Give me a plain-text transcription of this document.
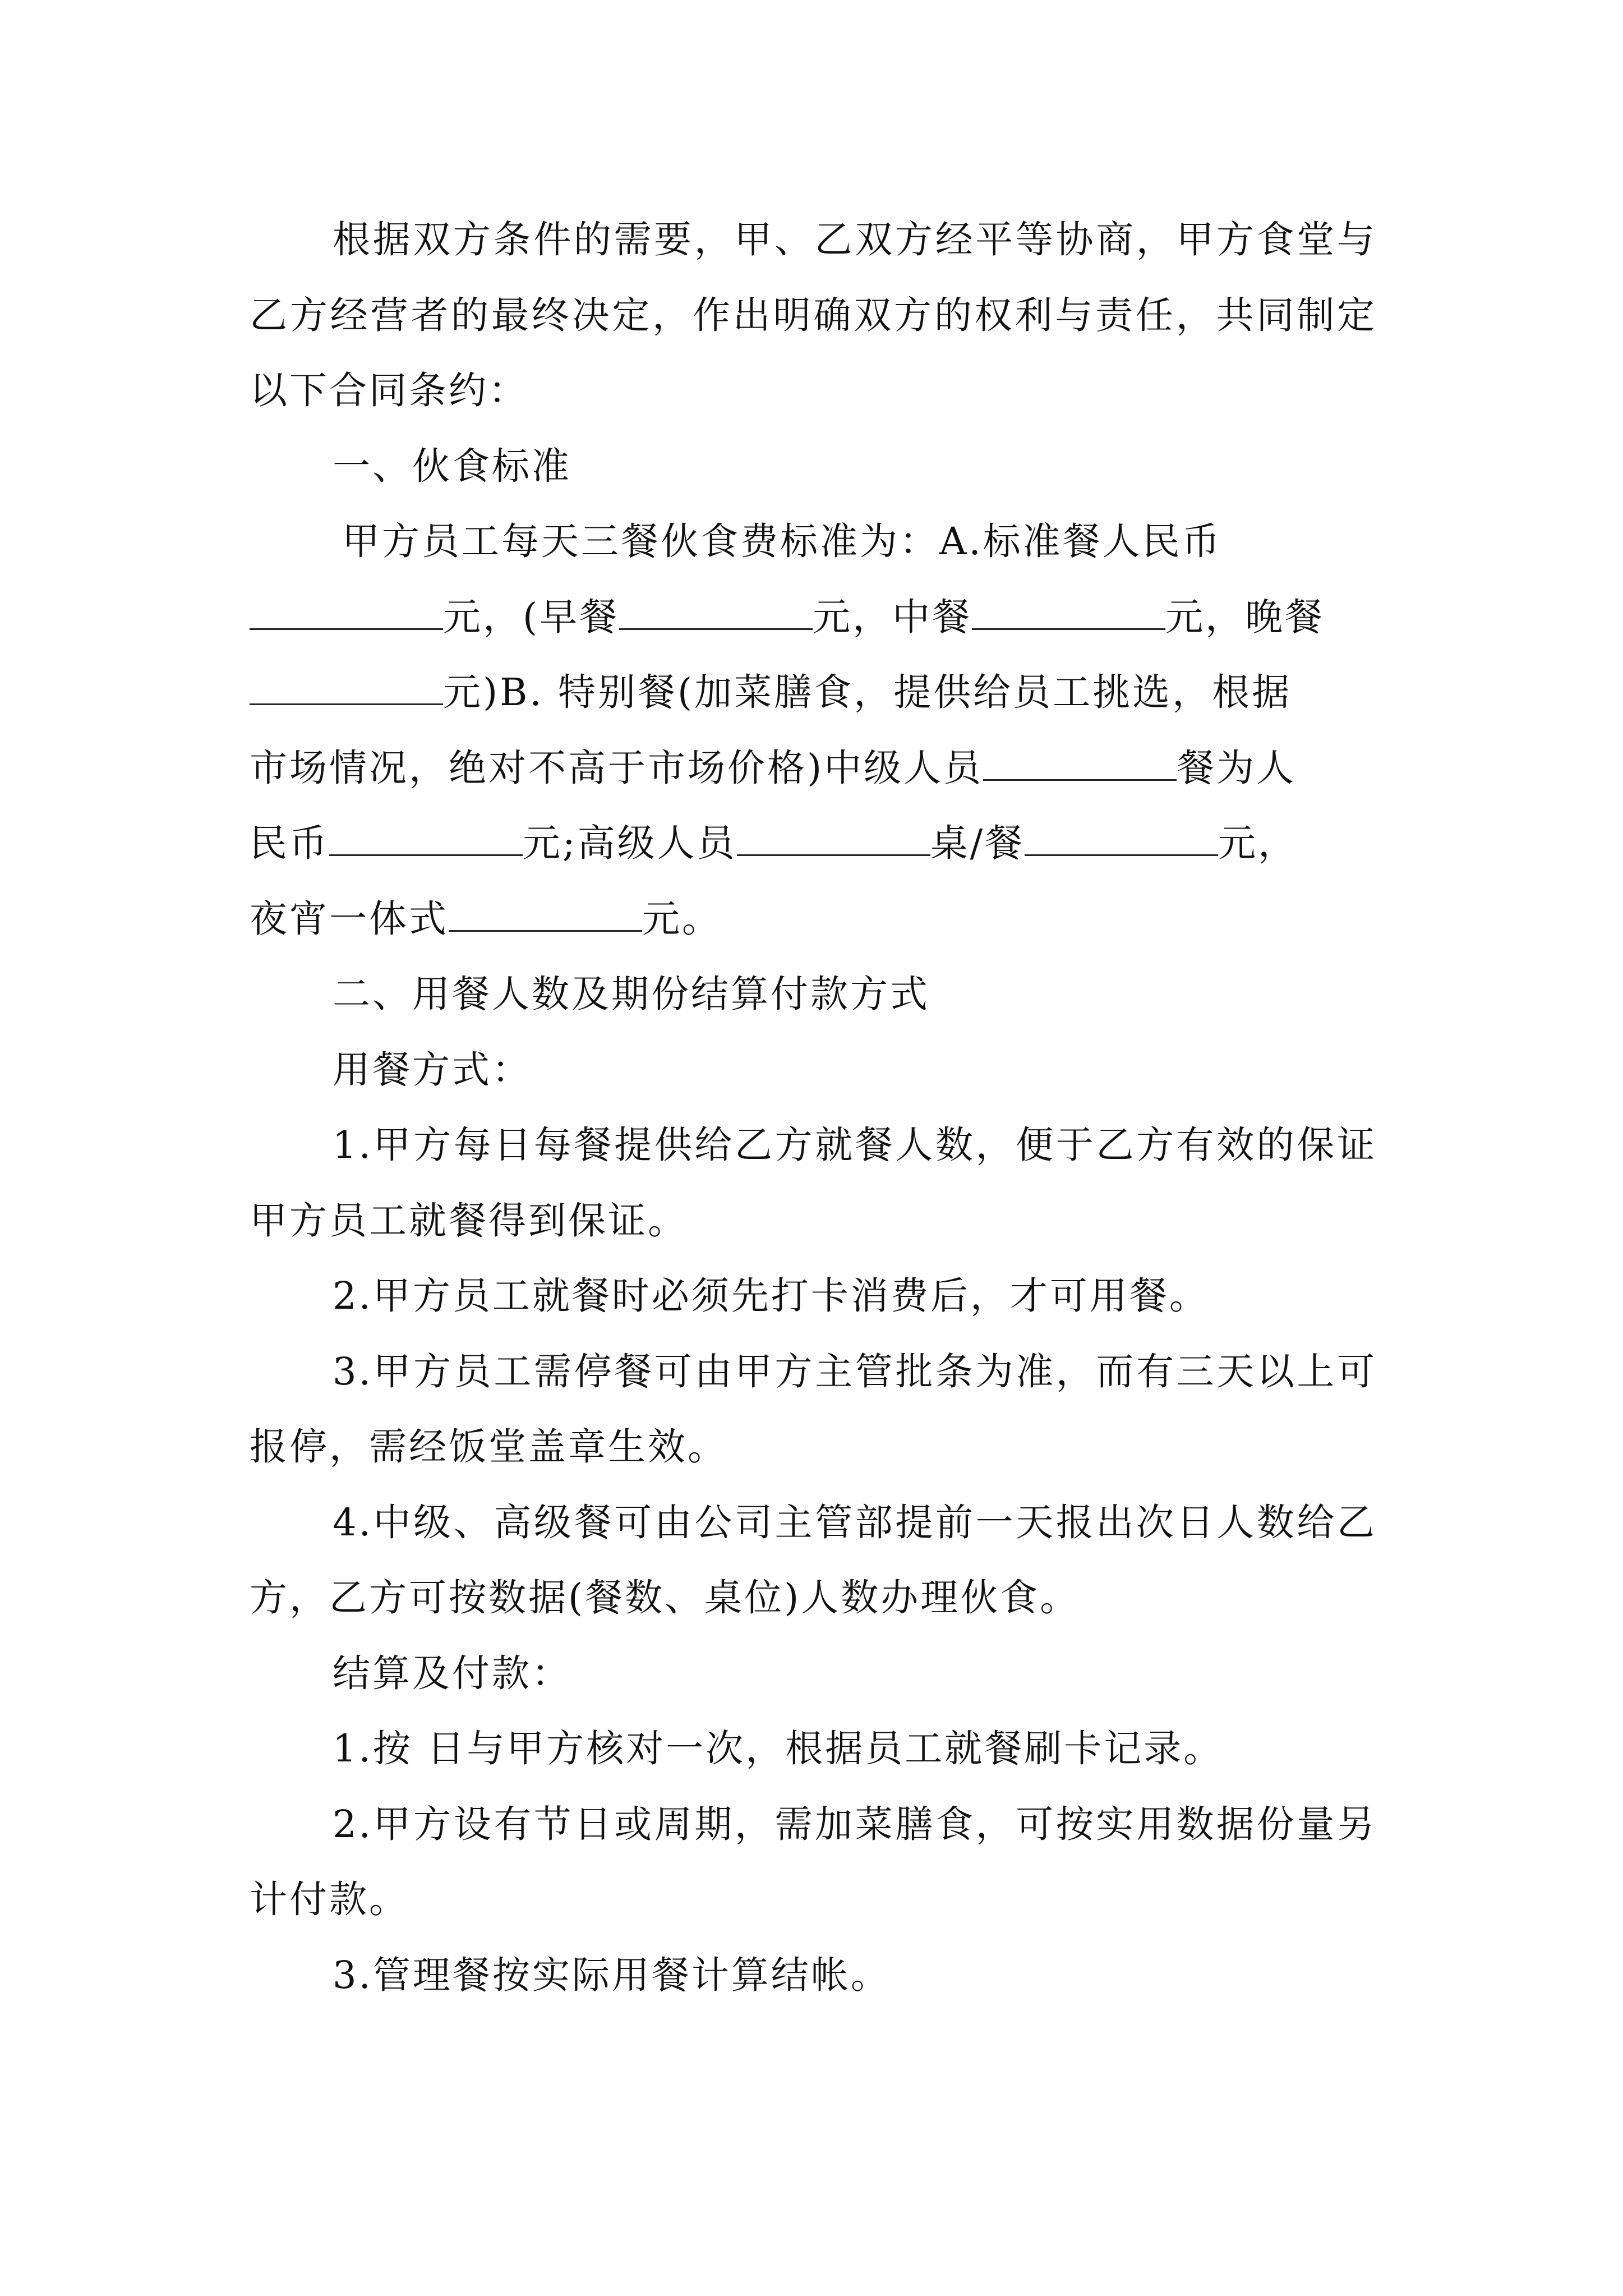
根据双方条件的需要，甲、乙双方经平等协商，甲方食堂与乙方经营者的最终决定，作出明确双方的权利与责任，共同制定以下合同条约：

一、伙食标准

甲方员工每天三餐伙食费标准为：A.标准餐人民币
元，(早餐	元，中餐	元，晚餐
元)B. 特别餐(加菜膳食，提供给员工挑选，根据
市场情况，绝对不高于市场价格)中级人员	餐为人
民币	元;高级人员	桌/餐	元，
夜宵一体式	元。

二、用餐人数及期份结算付款方式

用餐方式：

1.甲方每日每餐提供给乙方就餐人数，便于乙方有效的保证甲方员工就餐得到保证。

2.甲方员工就餐时必须先打卡消费后，才可用餐。

3.甲方员工需停餐可由甲方主管批条为准，而有三天以上可报停，需经饭堂盖章生效。

4.中级、高级餐可由公司主管部提前一天报出次日人数给乙方，乙方可按数据(餐数、桌位)人数办理伙食。

结算及付款：

1.按 日与甲方核对一次，根据员工就餐刷卡记录。

2.甲方设有节日或周期，需加菜膳食，可按实用数据份量另计付款。

3.管理餐按实际用餐计算结帐。
